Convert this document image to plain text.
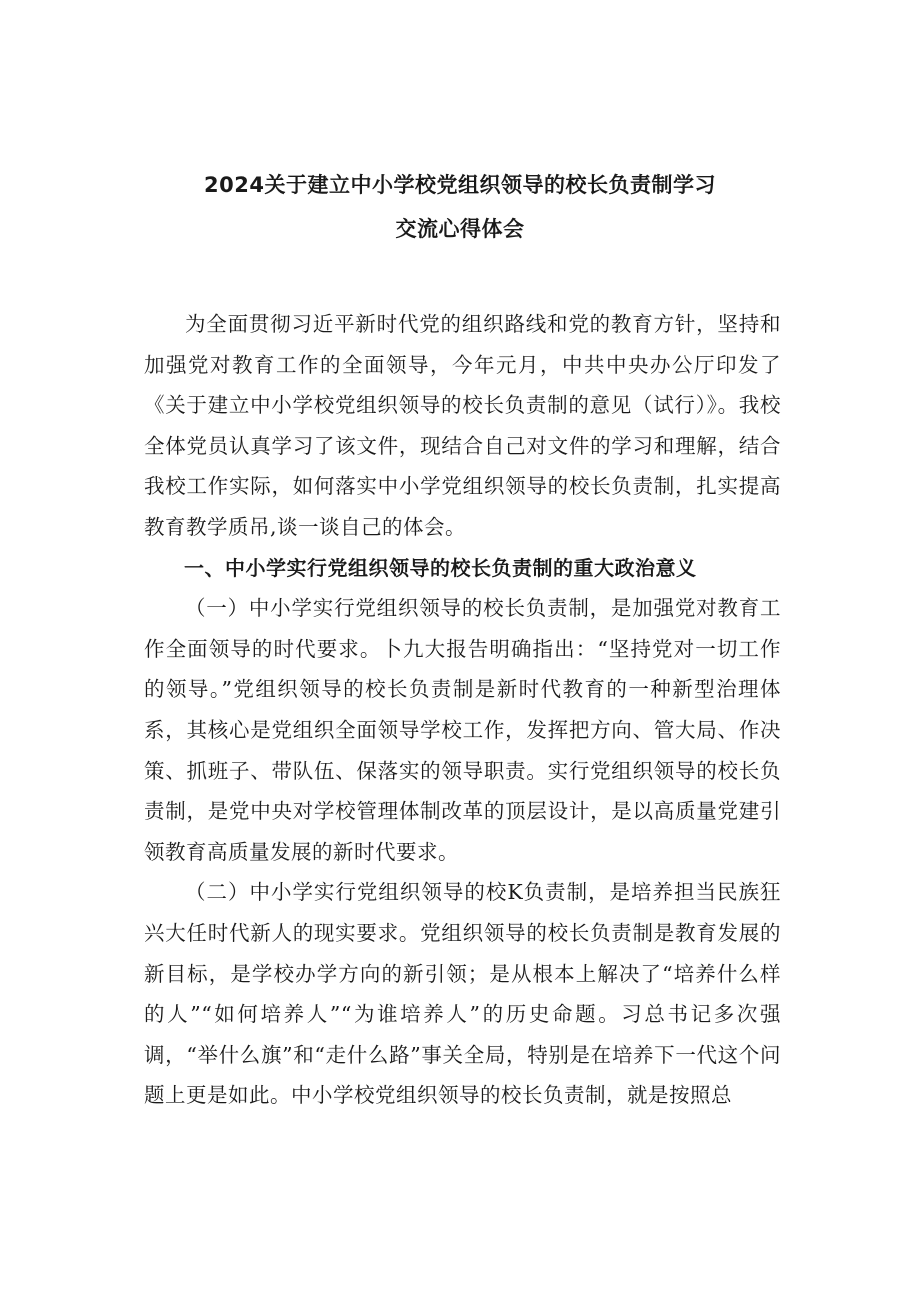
2024关于建立中小学校党组织领导的校长负责制学习
交流心得体会

为全面贯彻习近平新时代党的组织路线和党的教育方针，坚持和加强党对教育工作的全面领导，今年元月，中共中央办公厅印发了《关于建立中小学校党组织领导的校长负责制的意见（试行）》。我校全体党员认真学习了该文件，现结合自己对文件的学习和理解，结合我校工作实际，如何落实中小学党组织领导的校长负责制，扎实提高教育教学质吊,谈一谈自己的体会。

一、中小学实行党组织领导的校长负责制的重大政治意义

（一）中小学实行党组织领导的校长负责制，是加强党对教育工作全面领导的时代要求。卜九大报告明确指出：“坚持党对一切工作的领导。”党组织领导的校长负责制是新时代教育的一种新型治理体系，其核心是党组织全面领导学校工作，发挥把方向、管大局、作决策、抓班子、带队伍、保落实的领导职责。实行党组织领导的校长负责制，是党中央对学校管理体制改革的顶层设计，是以高质量党建引领教育高质量发展的新时代要求。

（二）中小学实行党组织领导的校K负责制，是培养担当民族狂兴大任时代新人的现实要求。党组织领导的校长负责制是教育发展的新目标，是学校办学方向的新引领；是从根本上解决了“培养什么样的人”“如何培养人”“为谁培养人”的历史命题。习总书记多次强调，“举什么旗”和“走什么路”事关全局，特别是在培养下一代这个问题上更是如此。中小学校党组织领导的校长负责制，就是按照总
